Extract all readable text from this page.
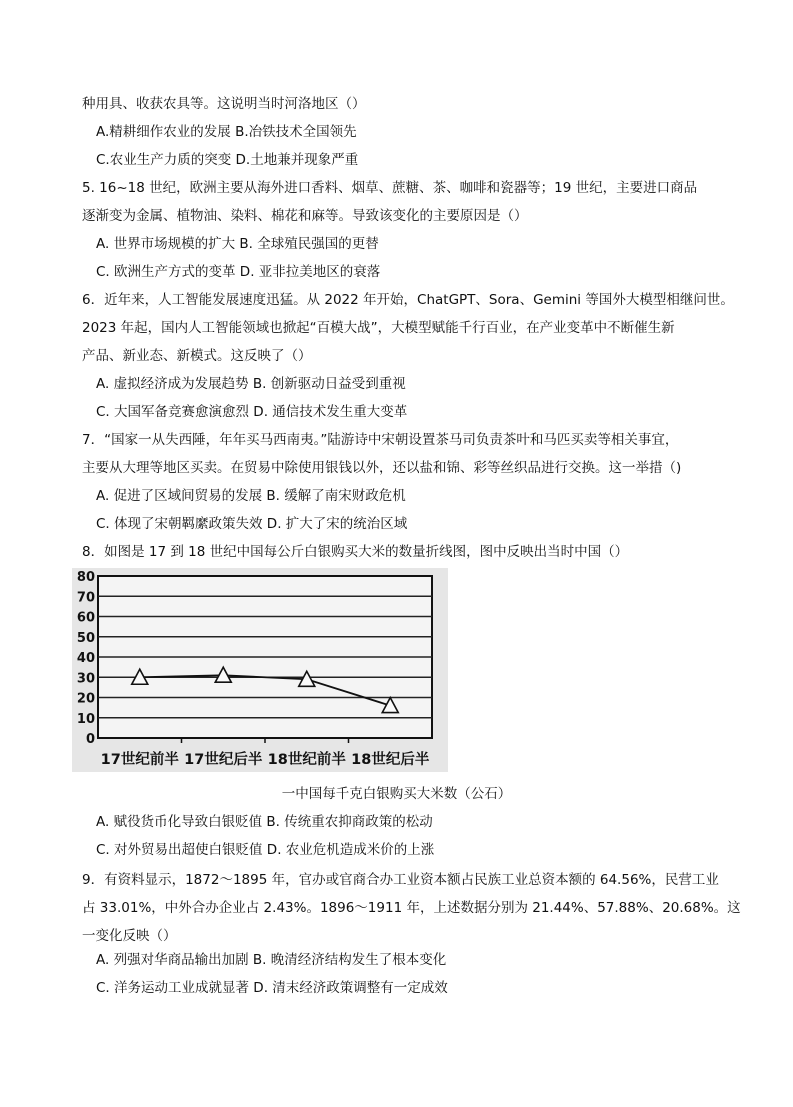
种用具、收获农具等。这说明当时河洛地区（）
A.精耕细作农业的发展 B.冶铁技术全国领先
C.农业生产力质的突变 D.土地兼并现象严重
5. 16~18 世纪，欧洲主要从海外进口香料、烟草、蔗糖、茶、咖啡和瓷器等；19 世纪，主要进口商品
逐渐变为金属、植物油、染料、棉花和麻等。导致该变化的主要原因是（）
A. 世界市场规模的扩大 B. 全球殖民强国的更替
C. 欧洲生产方式的变革 D. 亚非拉美地区的衰落
6．近年来，人工智能发展速度迅猛。从 2022 年开始，ChatGPT、Sora、Gemini 等国外大模型相继问世。
2023 年起，国内人工智能领域也掀起“百模大战”，大模型赋能千行百业，在产业变革中不断催生新
产品、新业态、新模式。这反映了（）
A. 虚拟经济成为发展趋势 B. 创新驱动日益受到重视
C. 大国军备竞赛愈演愈烈 D. 通信技术发生重大变革
7．“国家一从失西陲，年年买马西南夷。”陆游诗中宋朝设置茶马司负责茶叶和马匹买卖等相关事宜，
主要从大理等地区买卖。在贸易中除使用银钱以外，还以盐和锦、彩等丝织品进行交换。这一举措（)
A. 促进了区域间贸易的发展 B. 缓解了南宋财政危机
C. 体现了宋朝羁縻政策失效 D. 扩大了宋的统治区域
8．如图是 17 到 18 世纪中国每公斤白银购买大米的数量折线图，图中反映出当时中国（）
0
10
20
30
40
50
60
70
80
17世纪前半 17世纪后半 18世纪前半 18世纪后半
一中国每千克白银购买大米数（公石）
A. 赋役货币化导致白银贬值 B. 传统重农抑商政策的松动
C. 对外贸易出超使白银贬值 D. 农业危机造成米价的上涨
9．有资料显示，1872～1895 年，官办或官商合办工业资本额占民族工业总资本额的 64.56%，民营工业
占 33.01%，中外合办企业占 2.43%。1896～1911 年，上述数据分别为 21.44%、57.88%、20.68%。这
一变化反映（）
A. 列强对华商品输出加剧 B. 晚清经济结构发生了根本变化
C. 洋务运动工业成就显著 D. 清末经济政策调整有一定成效
